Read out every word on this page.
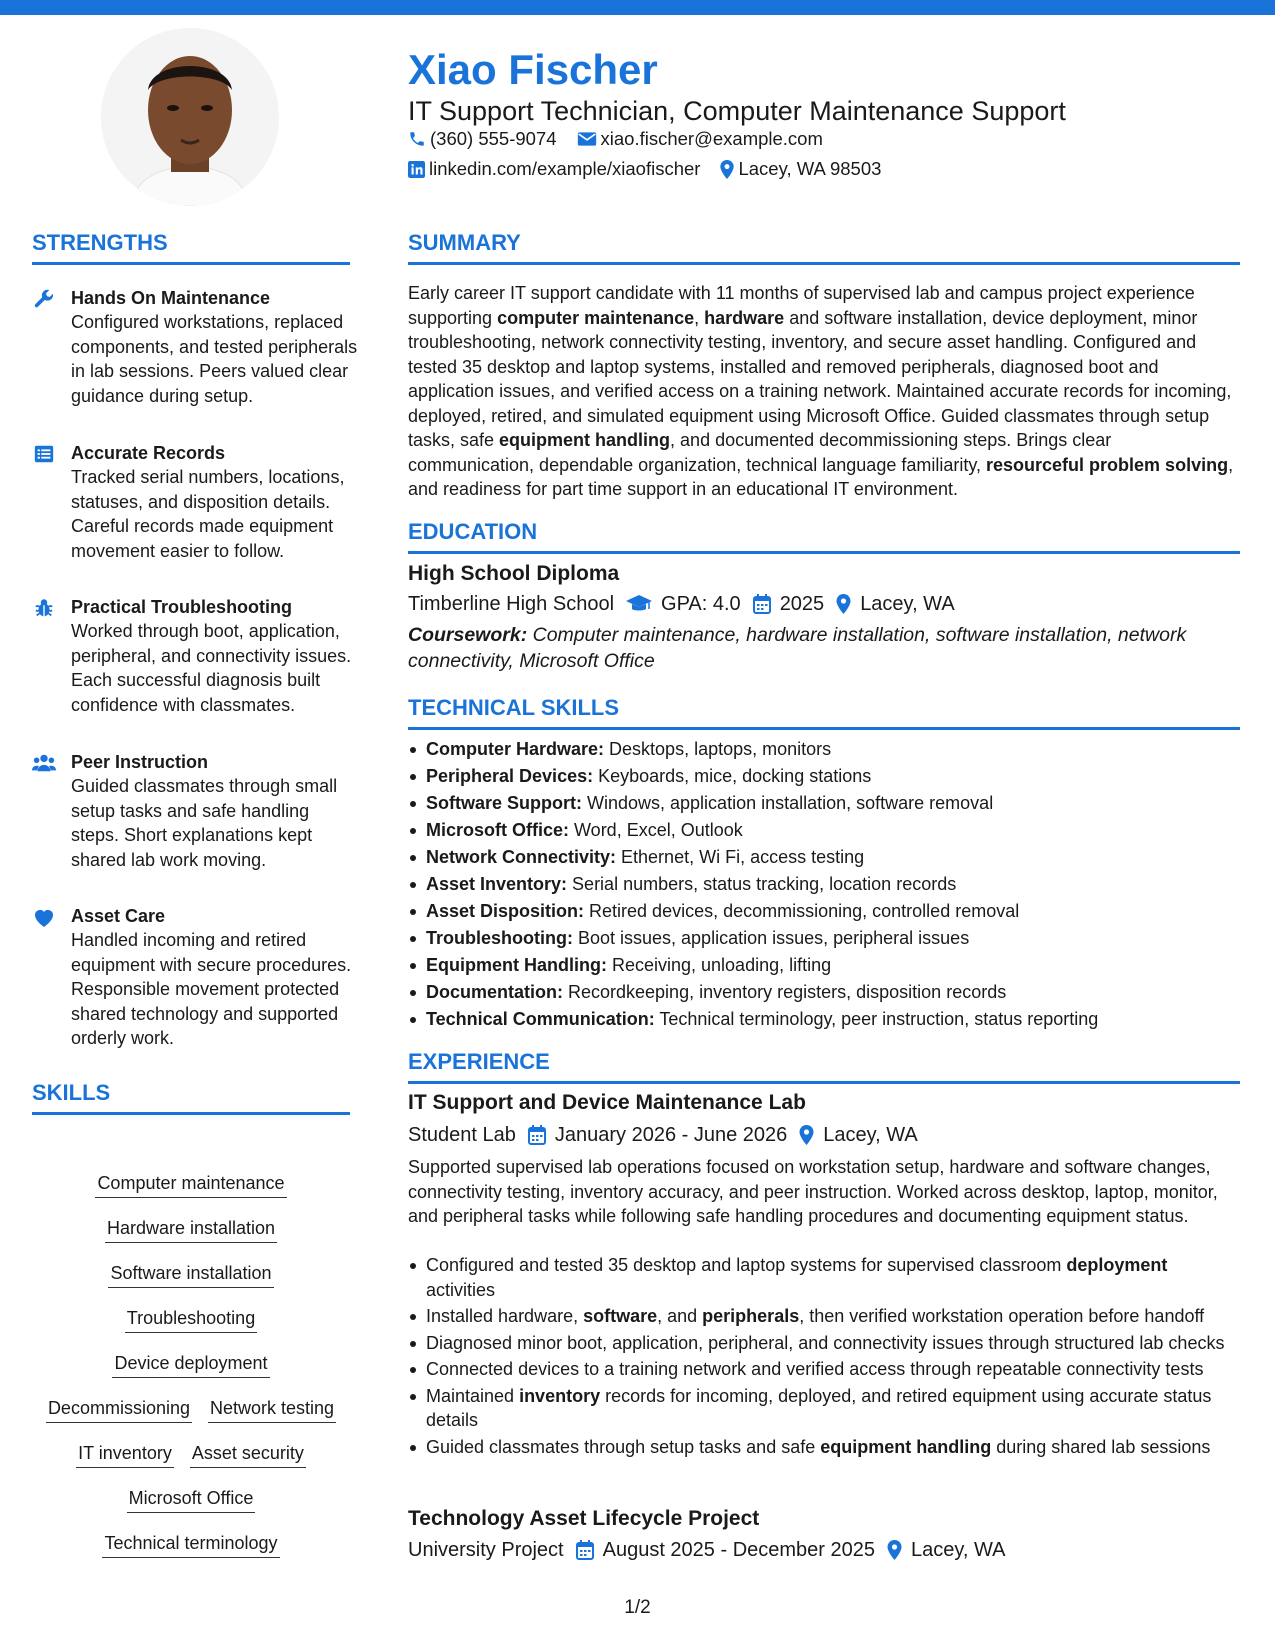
Xiao Fischer

IT Support Technician, Computer Maintenance Support

(360) 555-9074 xiao.fischer@example.com
linkedin.com/example/xiaofischer Lacey, WA 98503
STRENGTHS
Hands On Maintenance
Configured workstations, replaced components, and tested peripherals in lab sessions. Peers valued clear guidance during setup.
Accurate Records
Tracked serial numbers, locations, statuses, and disposition details. Careful records made equipment movement easier to follow.
Practical Troubleshooting
Worked through boot, application, peripheral, and connectivity issues. Each successful diagnosis built confidence with classmates.
Peer Instruction
Guided classmates through small setup tasks and safe handling steps. Short explanations kept shared lab work moving.
Asset Care
Handled incoming and retired equipment with secure procedures. Responsible movement protected shared technology and supported orderly work.
SKILLS
Computer maintenance
Hardware installation
Software installation
Troubleshooting
Device deployment
Decommissioning Network testing
IT inventory Asset security
Microsoft Office
Technical terminology
SUMMARY

Early career IT support candidate with 11 months of supervised lab and campus project experience supporting computer maintenance, hardware and software installation, device deployment, minor troubleshooting, network connectivity testing, inventory, and secure asset handling. Configured and tested 35 desktop and laptop systems, installed and removed peripherals, diagnosed boot and application issues, and verified access on a training network. Maintained accurate records for incoming, deployed, retired, and simulated equipment using Microsoft Office. Guided classmates through setup tasks, safe equipment handling, and documented decommissioning steps. Brings clear communication, dependable organization, technical language familiarity, resourceful problem solving, and readiness for part time support in an educational IT environment.

EDUCATION
High School Diploma
Timberline High School GPA: 4.0 2025 Lacey, WA

Coursework: Computer maintenance, hardware installation, software installation, network connectivity, Microsoft Office

TECHNICAL SKILLS
Computer Hardware: Desktops, laptops, monitors
Peripheral Devices: Keyboards, mice, docking stations
Software Support: Windows, application installation, software removal
Microsoft Office: Word, Excel, Outlook
Network Connectivity: Ethernet, Wi Fi, access testing
Asset Inventory: Serial numbers, status tracking, location records
Asset Disposition: Retired devices, decommissioning, controlled removal
Troubleshooting: Boot issues, application issues, peripheral issues
Equipment Handling: Receiving, unloading, lifting
Documentation: Recordkeeping, inventory registers, disposition records
Technical Communication: Technical terminology, peer instruction, status reporting
EXPERIENCE
IT Support and Device Maintenance Lab
Student Lab January 2026 - June 2026 Lacey, WA

Supported supervised lab operations focused on workstation setup, hardware and software changes, connectivity testing, inventory accuracy, and peer instruction. Worked across desktop, laptop, monitor, and peripheral tasks while following safe handling procedures and documenting equipment status.

Configured and tested 35 desktop and laptop systems for supervised classroom deployment activities
Installed hardware, software, and peripherals, then verified workstation operation before handoff
Diagnosed minor boot, application, peripheral, and connectivity issues through structured lab checks
Connected devices to a training network and verified access through repeatable connectivity tests
Maintained inventory records for incoming, deployed, and retired equipment using accurate status details
Guided classmates through setup tasks and safe equipment handling during shared lab sessions
Technology Asset Lifecycle Project
University Project August 2025 - December 2025 Lacey, WA
1/2
